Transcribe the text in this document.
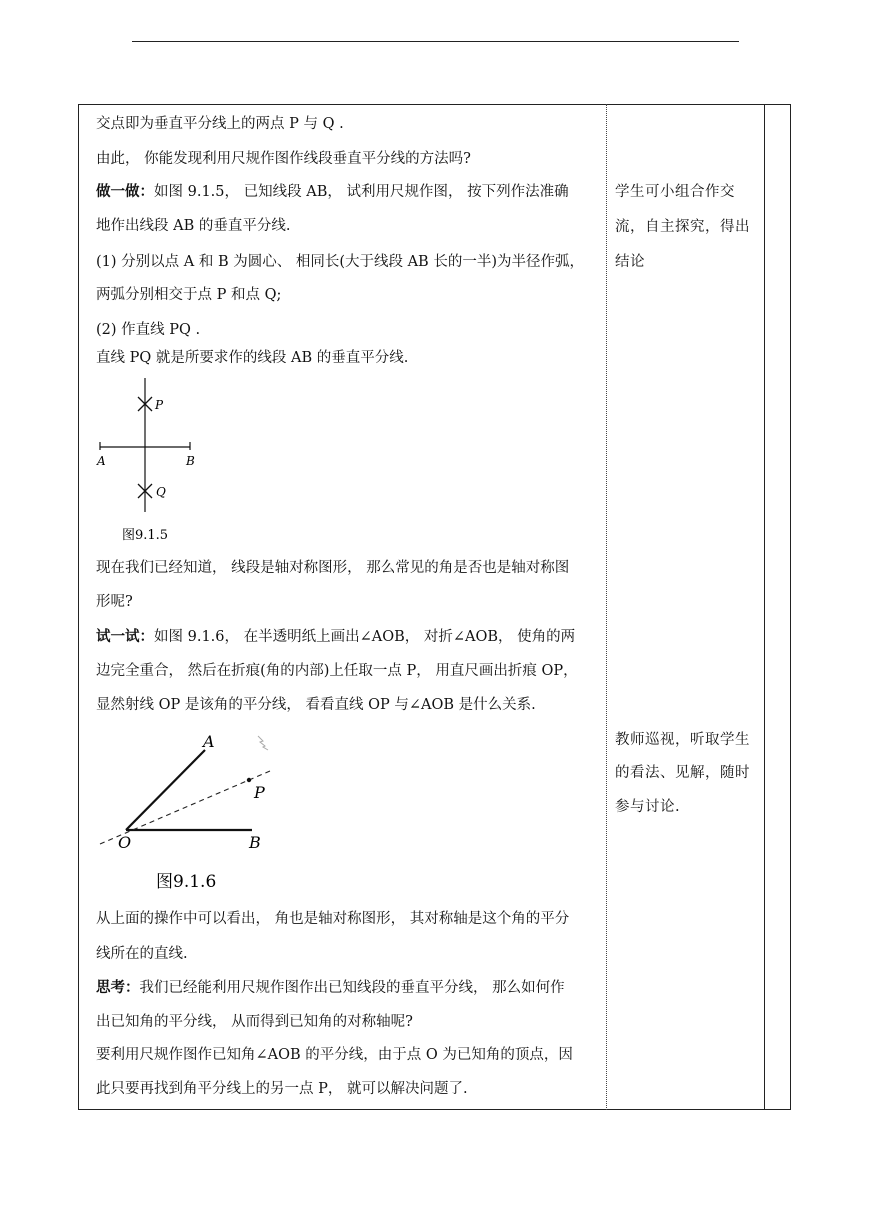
交点即为垂直平分线上的两点 P 与 Q .
由此， 你能发现利用尺规作图作线段垂直平分线的方法吗?
做一做：如图 9.1.5， 已知线段 AB， 试利用尺规作图， 按下列作法准确
地作出线段 AB 的垂直平分线.
(1) 分别以点 A 和 B 为圆心、 相同长(大于线段 AB 长的一半)为半径作弧，
两弧分别相交于点 P 和点 Q;
(2) 作直线 PQ .
直线 PQ 就是所要求作的线段 AB 的垂直平分线.
P
A	B
Q
图9.1.5
现在我们已经知道， 线段是轴对称图形， 那么常见的角是否也是轴对称图
形呢?
试一试：如图 9.1.6， 在半透明纸上画出∠AOB， 对折∠AOB， 使角的两
边完全重合， 然后在折痕(角的内部)上任取一点 P， 用直尺画出折痕 OP，
显然射线 OP 是该角的平分线， 看看直线 OP 与∠AOB 是什么关系.
A
P
O	B
图9.1.6
从上面的操作中可以看出， 角也是轴对称图形， 其对称轴是这个角的平分
线所在的直线.
思考：我们已经能利用尺规作图作出已知线段的垂直平分线， 那么如何作
出已知角的平分线， 从而得到已知角的对称轴呢?
要利用尺规作图作已知角∠AOB 的平分线，由于点 O 为已知角的顶点，因
此只要再找到角平分线上的另一点 P， 就可以解决问题了.
学生可小组合作交
流，自主探究，得出
结论
教师巡视，听取学生
的看法、见解，随时
参与讨论.
